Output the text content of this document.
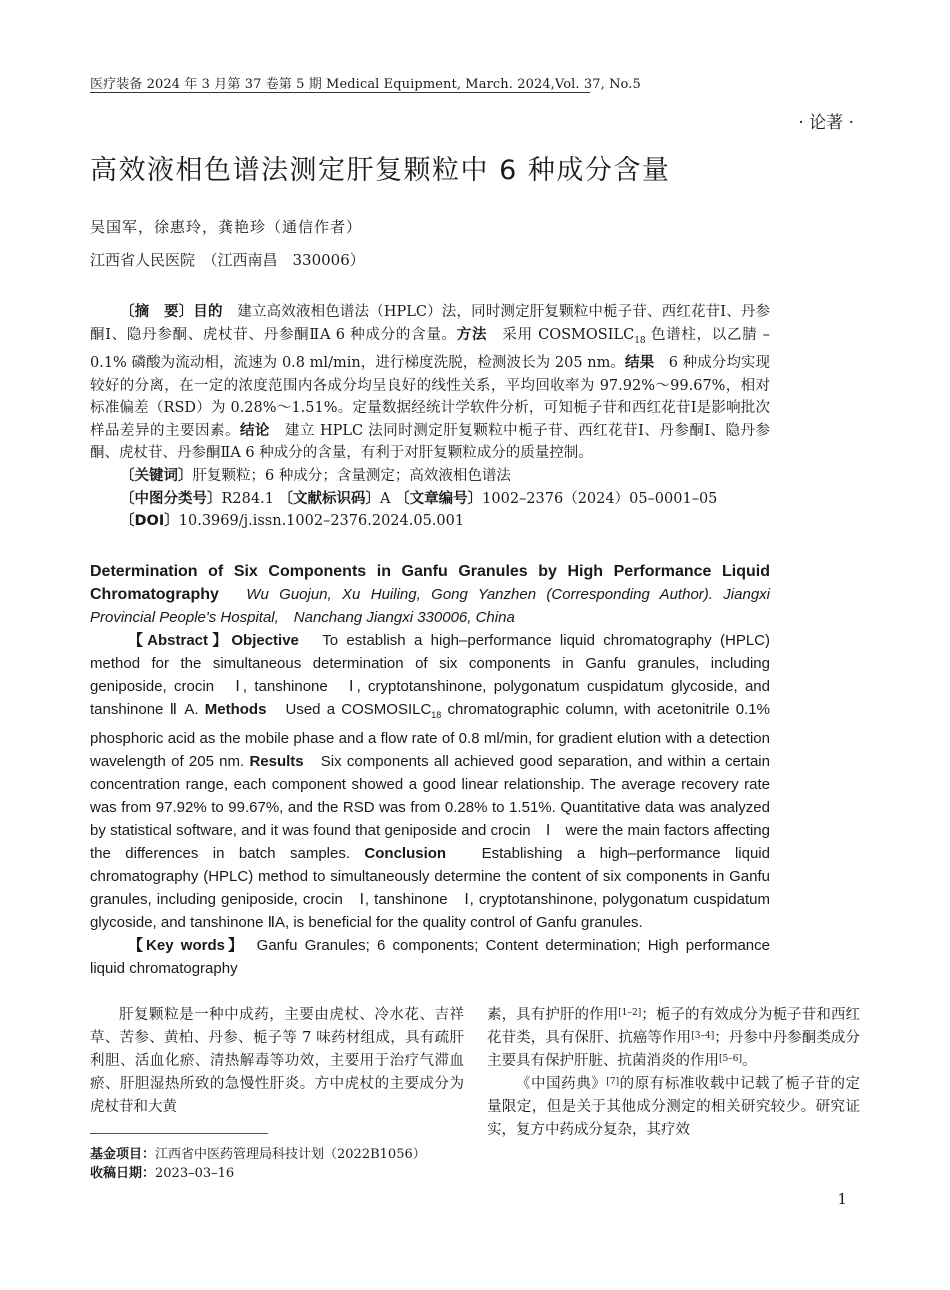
医疗装备 2024 年 3 月第 37 卷第 5 期 Medical Equipment, March. 2024,Vol. 37, No.5
· 论著 ·
高效液相色谱法测定肝复颗粒中 6 种成分含量
吴国军，徐惠玲，龚艳珍（通信作者）
江西省人民医院　（江西南昌　330006）

〔摘　要〕目的　建立高效液相色谱法（HPLC）法，同时测定肝复颗粒中栀子苷、西红花苷Ⅰ、丹参酮Ⅰ、隐丹参酮、虎杖苷、丹参酮ⅡA 6 种成分的含量。方法　采用 $COSMOSILC_{18}$ 色谱柱，以乙腈 –0.1% 磷酸为流动相，流速为 0.8 ml/min，进行梯度洗脱，检测波长为 205 nm。结果　6 种成分均实现较好的分离，在一定的浓度范围内各成分均呈良好的线性关系，平均回收率为 97.92%～99.67%，相对标准偏差（RSD）为 0.28%～1.51%。定量数据经统计学软件分析，可知栀子苷和西红花苷Ⅰ是影响批次样品差异的主要因素。结论　建立 HPLC 法同时测定肝复颗粒中栀子苷、西红花苷Ⅰ、丹参酮Ⅰ、隐丹参酮、虎杖苷、丹参酮ⅡA 6 种成分的含量，有利于对肝复颗粒成分的质量控制。

〔关键词〕肝复颗粒；6 种成分；含量测定；高效液相色谱法

〔中图分类号〕R284.1 〔文献标识码〕A 〔文章编号〕1002–2376（2024）05–0001–05

〔DOI〕10.3969/j.issn.1002–2376.2024.05.001

Determination of Six Components in Ganfu Granules by High Performance Liquid Chromatography　Wu Guojun, Xu Huiling, Gong Yanzhen (Corresponding Author). Jiangxi Provincial People's Hospital,　Nanchang Jiangxi 330006, China

【Abstract】Objective　To establish a high–performance liquid chromatography (HPLC) method for the simultaneous determination of six components in Ganfu granules, including geniposide, crocin　Ⅰ, tanshinone　Ⅰ, cryptotanshinone, polygonatum cuspidatum glycoside, and tanshinone Ⅱ A. Methods　Used a $COSMOSILC_{18}$ chromatographic column, with acetonitrile 0.1% phosphoric acid as the mobile phase and a flow rate of 0.8 ml/min, for gradient elution with a detection wavelength of 205 nm. Results　Six components all achieved good separation, and within a certain concentration range, each component showed a good linear relationship. The average recovery rate was from 97.92% to 99.67%, and the RSD was from 0.28% to 1.51%. Quantitative data was analyzed　by statistical software, and it was found that geniposide and crocin　Ⅰ　were the main factors affecting the differences in batch samples. Conclusion　Establishing a high–performance liquid chromatography (HPLC) method to simultaneously determine the content of six components in Ganfu granules, including geniposide, crocin　Ⅰ, tanshinone　Ⅰ, cryptotanshinone, polygonatum cuspidatum glycoside, and tanshinone ⅡA, is beneficial for the quality control of Ganfu granules.

【Key words】　Ganfu Granules; 6 components; Content determination; High performance liquid chromatography

肝复颗粒是一种中成药，主要由虎杖、冷水花、吉祥草、苦参、黄柏、丹参、栀子等 7 味药材组成，具有疏肝利胆、活血化瘀、清热解毒等功效，主要用于治疗气滞血瘀、肝胆湿热所致的急慢性肝炎。方中虎杖的主要成分为虎杖苷和大黄

素，具有护肝的作用[1–2]；栀子的有效成分为栀子苷和西红花苷类，具有保肝、抗癌等作用[3–4]；丹参中丹参酮类成分主要具有保护肝脏、抗菌消炎的作用[5–6]。

《中国药典》[7]的原有标准收载中记载了栀子苷的定量限定，但是关于其他成分测定的相关研究较少。研究证实，复方中药成分复杂，其疗效

基金项目：江西省中医药管理局科技计划（2022B1056）
收稿日期：2023–03–16
1
